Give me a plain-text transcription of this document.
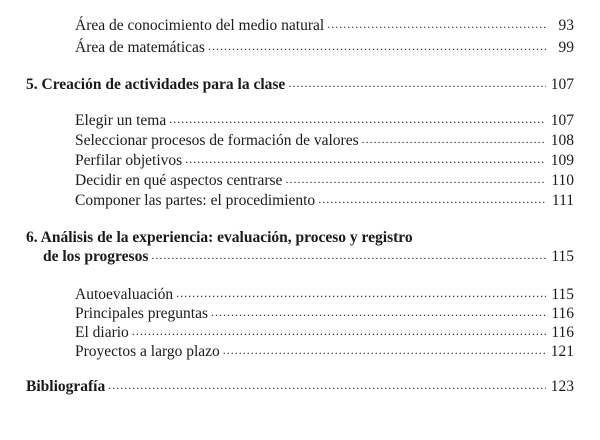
Área de conocimiento del medio natural .....	93
Área de matemáticas .....	99
5. Creación de actividades para la clase .....	107
Elegir un tema .....	107
Seleccionar procesos de formación de valores .....	108
Perfilar objetivos .....	109
Decidir en qué aspectos centrarse .....	110
Componer las partes: el procedimiento .....	111
6. Análisis de la experiencia: evaluación, proceso y registro
de los progresos .....	115
Autoevaluación .....	115
Principales preguntas .....	116
El diario .....	116
Proyectos a largo plazo .....	121
Bibliografía .....	123
